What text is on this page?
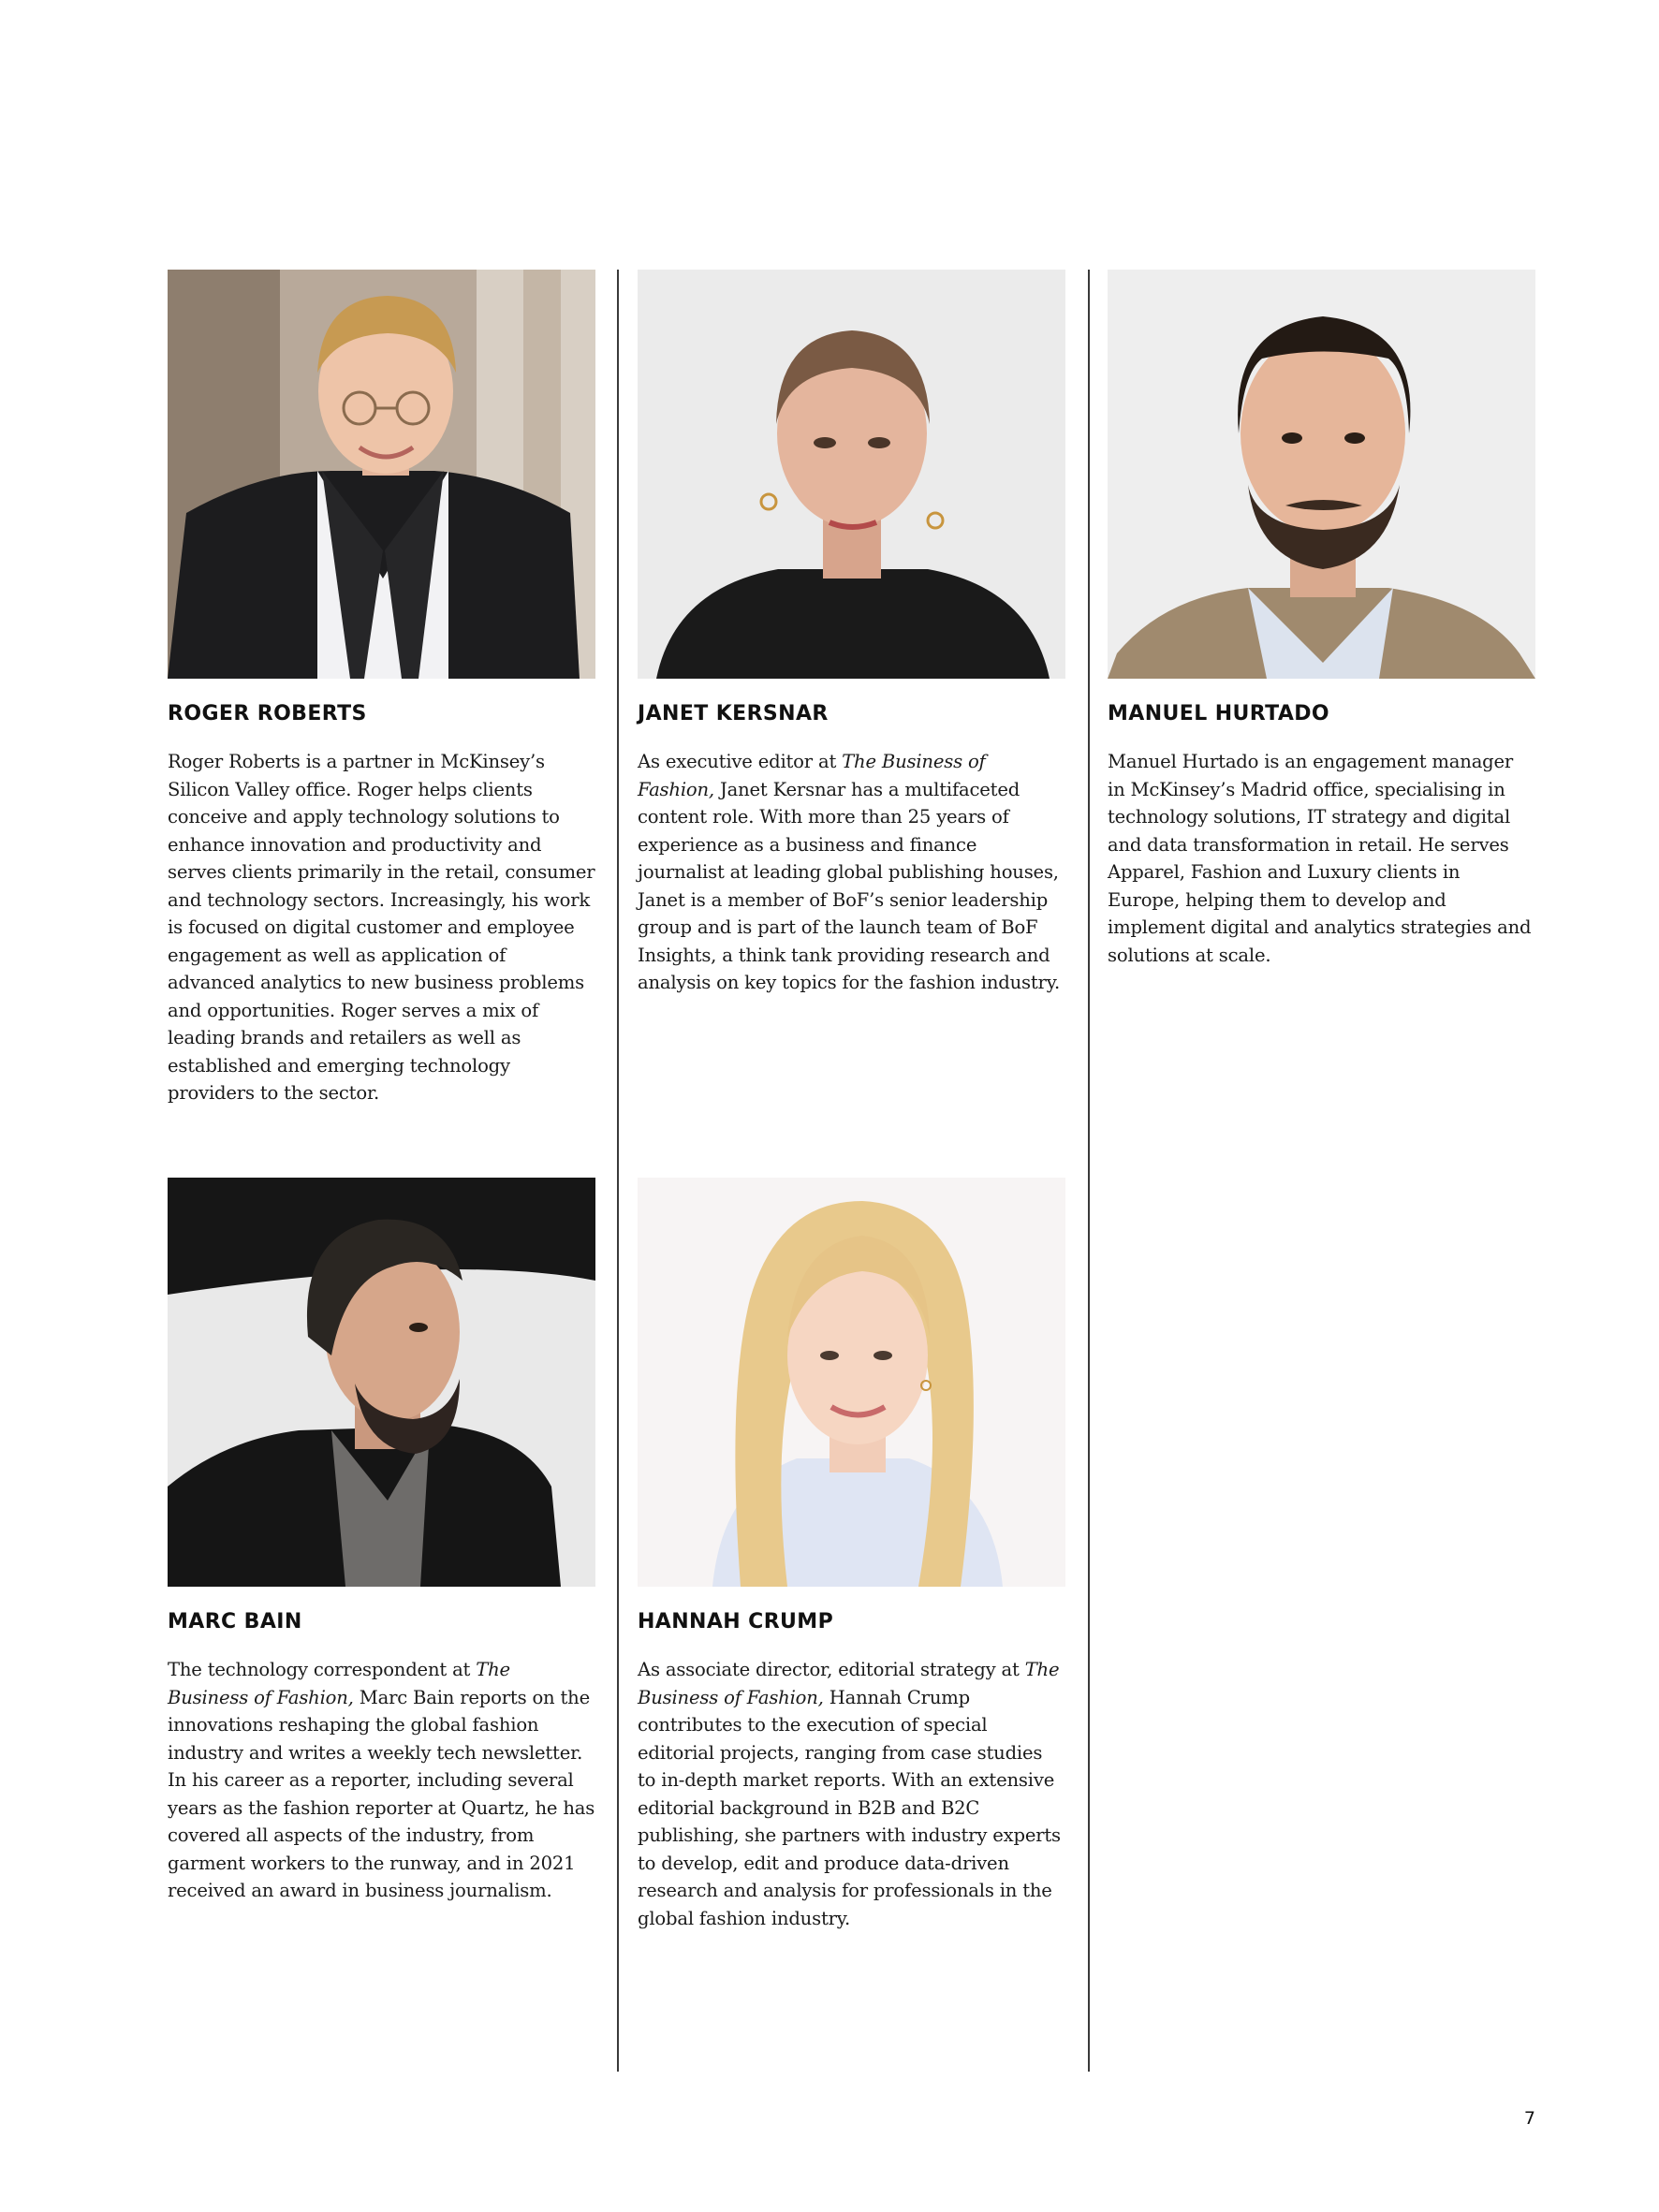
ROGER ROBERTS
Roger Roberts is a partner in McKinsey’s Silicon Valley office. Roger helps clients conceive and apply technology solutions to enhance innovation and productivity and serves clients primarily in the retail, consumer and technology sectors. Increasingly, his work is focused on digital customer and employee engagement as well as application of advanced analytics to new business problems and opportunities. Roger serves a mix of leading brands and retailers as well as established and emerging technology providers to the sector.
JANET KERSNAR
As executive editor at The Business of Fashion, Janet Kersnar has a multifaceted content role. With more than 25 years of experience as a business and finance journalist at leading global publishing houses, Janet is a member of BoF’s senior leadership group and is part of the launch team of BoF Insights, a think tank providing research and analysis on key topics for the fashion industry.
MANUEL HURTADO
Manuel Hurtado is an engagement manager in McKinsey’s Madrid office, specialising in technology solutions, IT strategy and digital and data transformation in retail. He serves Apparel, Fashion and Luxury clients in Europe, helping them to develop and implement digital and analytics strategies and solutions at scale.
MARC BAIN
The technology correspondent at The Business of Fashion, Marc Bain reports on the innovations reshaping the global fashion industry and writes a weekly tech newsletter. In his career as a reporter, including several years as the fashion reporter at Quartz, he has covered all aspects of the industry, from garment workers to the runway, and in 2021 received an award in business journalism.
HANNAH CRUMP
As associate director, editorial strategy at The Business of Fashion, Hannah Crump contributes to the execution of special editorial projects, ranging from case studies to in-depth market reports. With an extensive editorial background in B2B and B2C publishing, she partners with industry experts to develop, edit and produce data-driven research and analysis for professionals in the global fashion industry.
7
